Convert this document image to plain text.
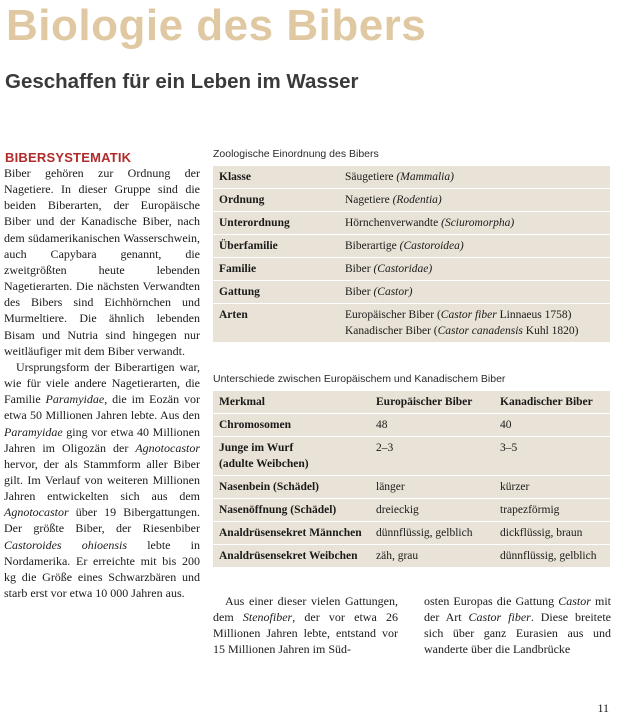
Biologie des Bibers
Geschaffen für ein Leben im Wasser
BIBERSYSTEMATIK

Biber gehören zur Ordnung der Nagetiere. In dieser Gruppe sind die beiden Biberarten, der Europäische Biber und der Kanadische Biber, nach dem südamerikanischen Wasserschwein, auch Capybara genannt, die zweitgrößten heute lebenden Nagetierarten. Die nächsten Verwandten des Bibers sind Eichhörnchen und Murmeltiere. Die ähnlich lebenden Bisam und Nutria sind hingegen nur weitläufiger mit dem Biber verwandt.

Ursprungsform der Biberartigen war, wie für viele andere Nagetierarten, die Familie Paramyidae, die im Eozän vor etwa 50 Millionen Jahren lebte. Aus den Paramyidae ging vor etwa 40 Millionen Jahren im Oligozän der Agnotocastor hervor, der als Stammform aller Biber gilt. Im Verlauf von weiteren Millionen Jahren entwickelten sich aus dem Agnotocastor über 19 Bibergattungen. Der größte Biber, der Riesenbiber Castoroides ohioensis lebte in Nordamerika. Er erreichte mit bis 200 kg die Größe eines Schwarzbären und starb erst vor etwa 10 000 Jahren aus.

Zoologische Einordnung des Bibers
Klasse	Säugetiere (Mammalia)
Ordnung	Nagetiere (Rodentia)
Unterordnung	Hörnchenverwandte (Sciuromorpha)
Überfamilie	Biberartige (Castoroidea)
Familie	Biber (Castoridae)
Gattung	Biber (Castor)
Arten	Europäischer Biber (Castor fiber Linnaeus 1758)
Kanadischer Biber (Castor canadensis Kuhl 1820)
Unterschiede zwischen Europäischem und Kanadischem Biber
Merkmal	Europäischer Biber	Kanadischer Biber
Chromosomen	48	40

Junge im Wurf
(adulte Weibchen)	2–3	3–5
Nasenbein (Schädel)	länger	kürzer
Nasenöffnung (Schädel)	dreieckig	trapezförmig
Analdrüsensekret Männchen	dünnflüssig, gelblich	dickflüssig, braun
Analdrüsensekret Weibchen	zäh, grau	dünnflüssig, gelblich
Aus einer dieser vielen Gattungen, dem Stenofiber, der vor etwa 26 Millionen Jahren lebte, entstand vor 15 Millionen Jahren im Süd-
osten Europas die Gattung Castor mit der Art Castor fiber. Diese breitete sich über ganz Eurasien aus und wanderte über die Landbrücke
11
